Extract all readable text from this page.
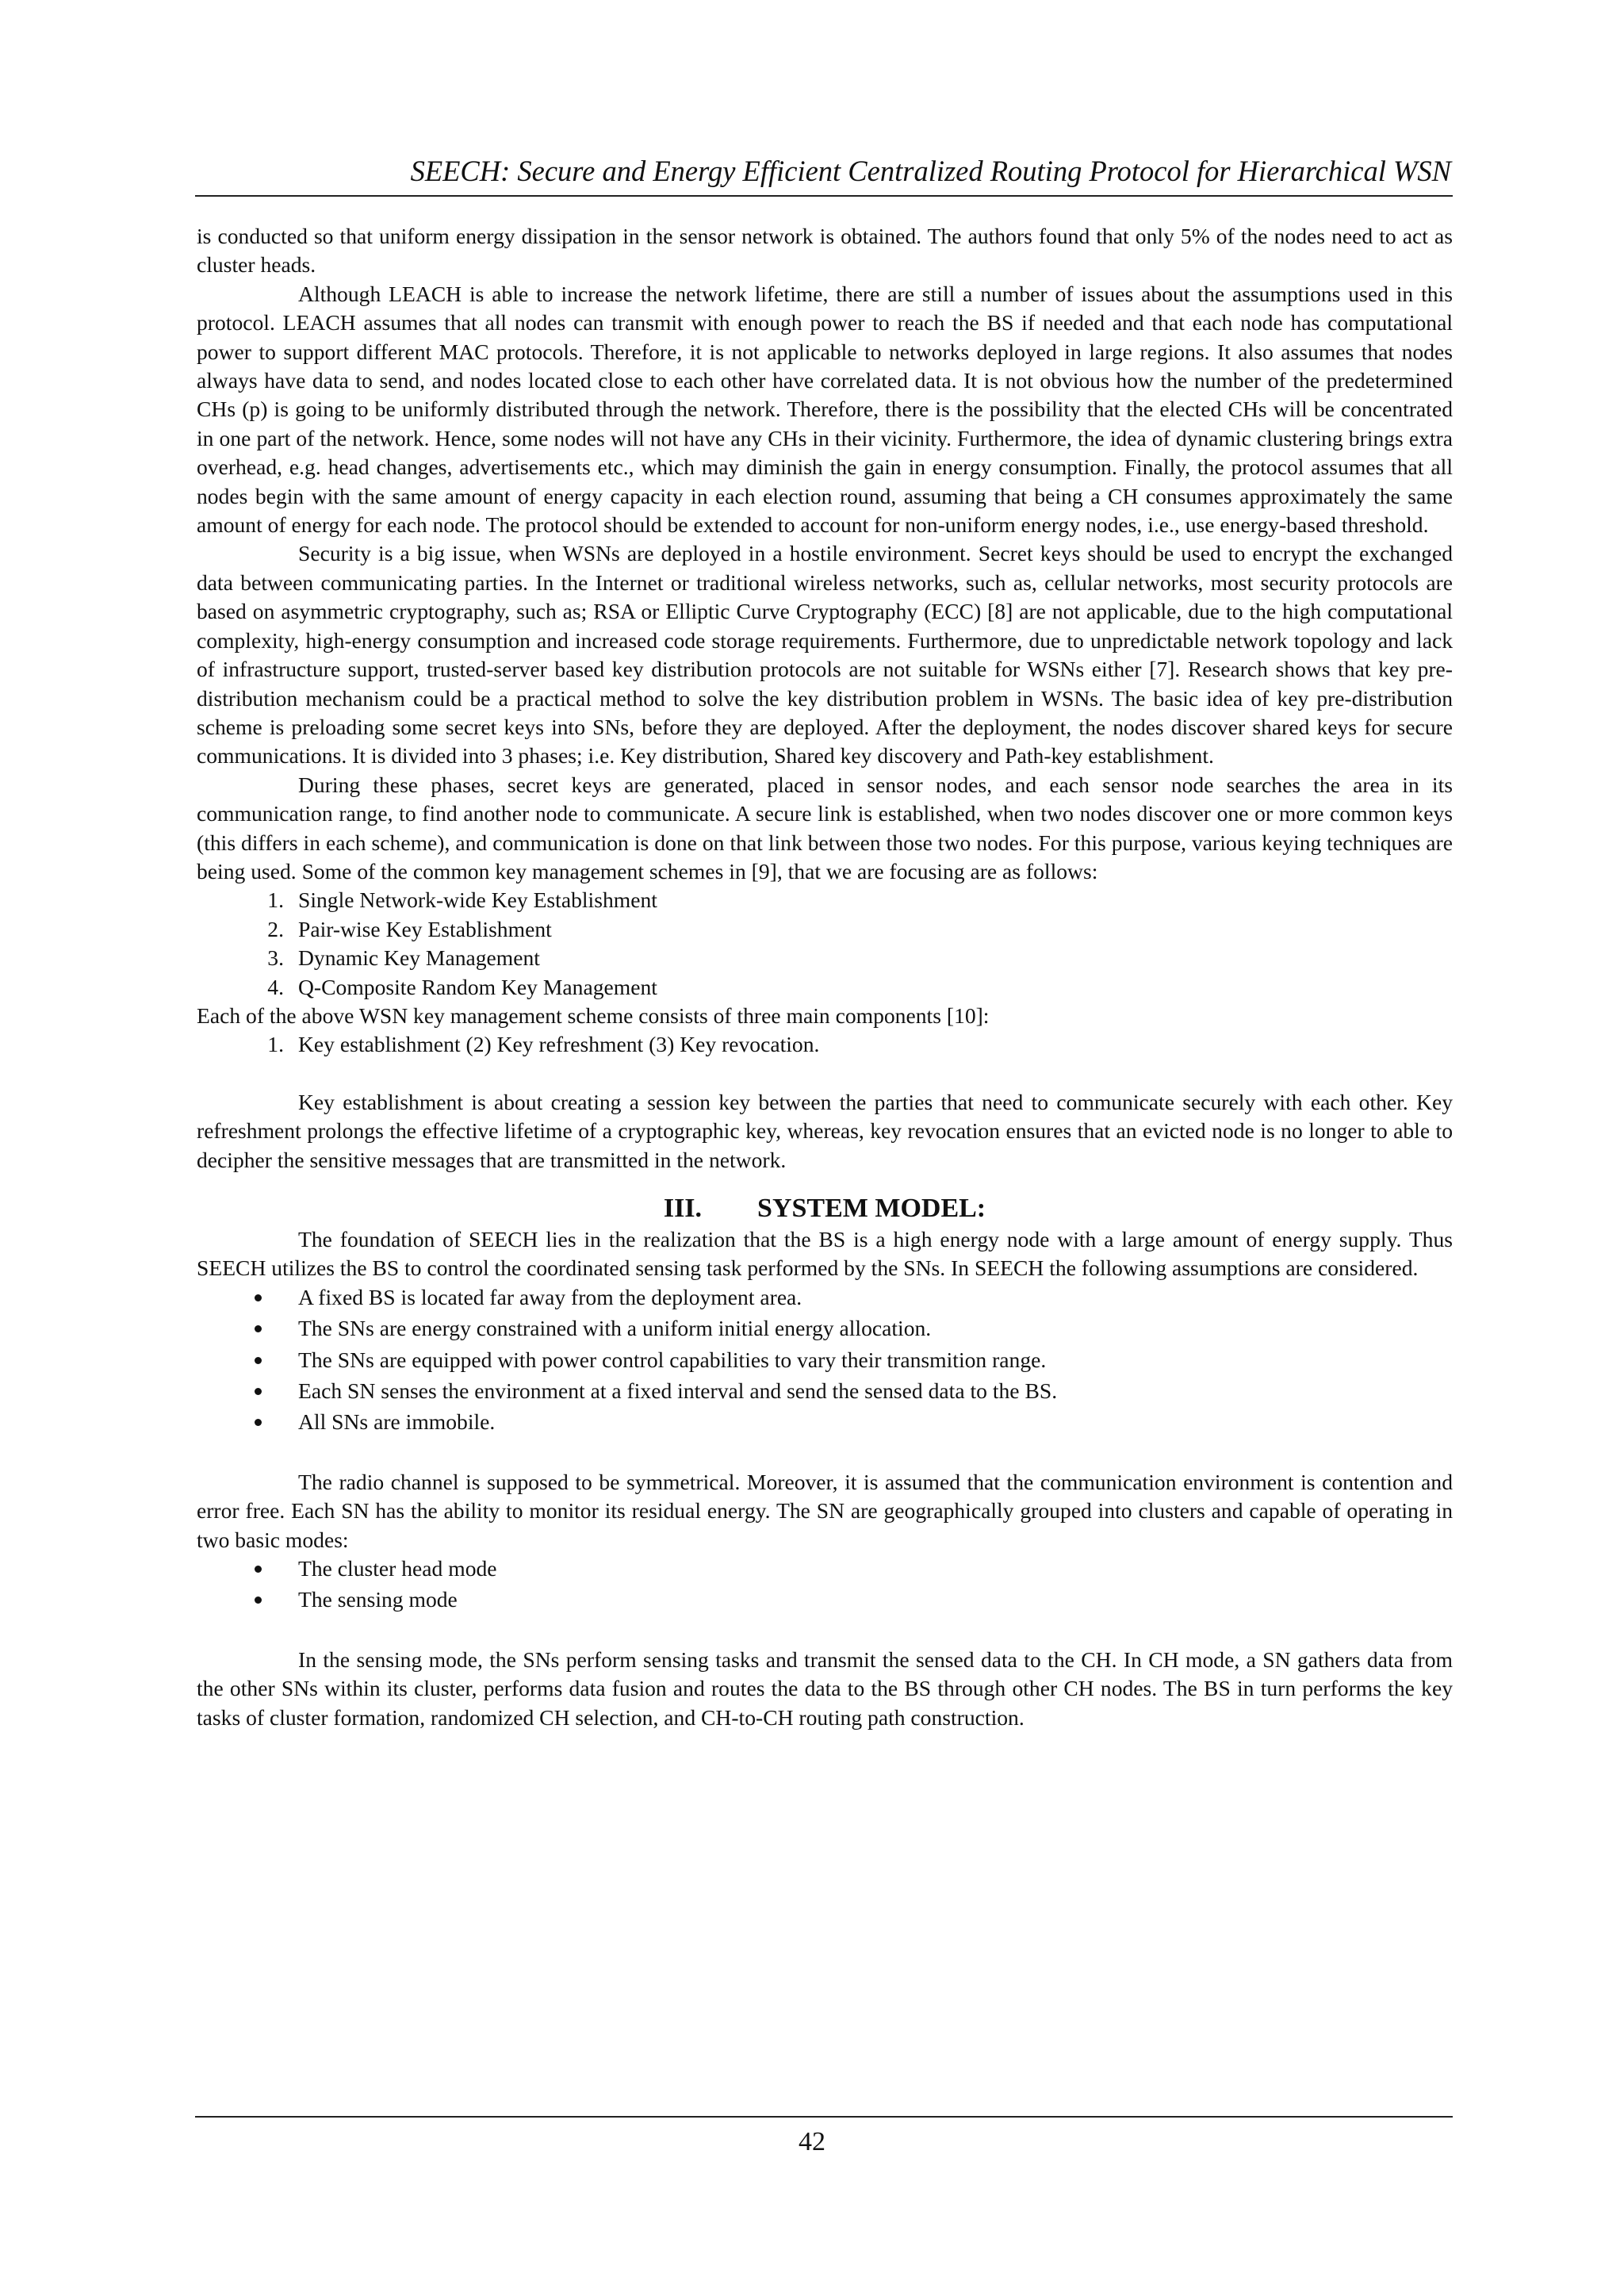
SEECH: Secure and Energy Efficient Centralized Routing Protocol for Hierarchical WSN

is conducted so that uniform energy dissipation in the sensor network is obtained. The authors found that only 5% of the nodes need to act as cluster heads.

Although LEACH is able to increase the network lifetime, there are still a number of issues about the assumptions used in this protocol. LEACH assumes that all nodes can transmit with enough power to reach the BS if needed and that each node has computational power to support different MAC protocols. Therefore, it is not applicable to networks deployed in large regions. It also assumes that nodes always have data to send, and nodes located close to each other have correlated data. It is not obvious how the number of the predetermined CHs (p) is going to be uniformly distributed through the network. Therefore, there is the possibility that the elected CHs will be concentrated in one part of the network. Hence, some nodes will not have any CHs in their vicinity. Furthermore, the idea of dynamic clustering brings extra overhead, e.g. head changes, advertisements etc., which may diminish the gain in energy consumption. Finally, the protocol assumes that all nodes begin with the same amount of energy capacity in each election round, assuming that being a CH consumes approximately the same amount of energy for each node. The protocol should be extended to account for non-uniform energy nodes, i.e., use energy-based threshold.

Security is a big issue, when WSNs are deployed in a hostile environment. Secret keys should be used to encrypt the exchanged data between communicating parties. In the Internet or traditional wireless networks, such as, cellular networks, most security protocols are based on asymmetric cryptography, such as; RSA or Elliptic Curve Cryptography (ECC) [8] are not applicable, due to the high computational complexity, high-energy consumption and increased code storage requirements. Furthermore, due to unpredictable network topology and lack of infrastructure support, trusted-server based key distribution protocols are not suitable for WSNs either [7]. Research shows that key pre-distribution mechanism could be a practical method to solve the key distribution problem in WSNs. The basic idea of key pre-distribution scheme is preloading some secret keys into SNs, before they are deployed. After the deployment, the nodes discover shared keys for secure communications. It is divided into 3 phases; i.e. Key distribution, Shared key discovery and Path-key establishment.

During these phases, secret keys are generated, placed in sensor nodes, and each sensor node searches the area in its communication range, to find another node to communicate. A secure link is established, when two nodes discover one or more common keys (this differs in each scheme), and communication is done on that link between those two nodes. For this purpose, various keying techniques are being used. Some of the common key management schemes in [9], that we are focusing are as follows:

1. Single Network-wide Key Establishment
2. Pair-wise Key Establishment
3. Dynamic Key Management
4. Q-Composite Random Key Management

Each of the above WSN key management scheme consists of three main components [10]:

1. Key establishment (2) Key refreshment (3) Key revocation.

Key establishment is about creating a session key between the parties that need to communicate securely with each other. Key refreshment prolongs the effective lifetime of a cryptographic key, whereas, key revocation ensures that an evicted node is no longer to able to decipher the sensitive messages that are transmitted in the network.

III. SYSTEM MODEL:

The foundation of SEECH lies in the realization that the BS is a high energy node with a large amount of energy supply. Thus SEECH utilizes the BS to control the coordinated sensing task performed by the SNs. In SEECH the following assumptions are considered.

A fixed BS is located far away from the deployment area.
The SNs are energy constrained with a uniform initial energy allocation.
The SNs are equipped with power control capabilities to vary their transmition range.
Each SN senses the environment at a fixed interval and send the sensed data to the BS.
All SNs are immobile.

The radio channel is supposed to be symmetrical. Moreover, it is assumed that the communication environment is contention and error free. Each SN has the ability to monitor its residual energy. The SN are geographically grouped into clusters and capable of operating in two basic modes:

The cluster head mode
The sensing mode

In the sensing mode, the SNs perform sensing tasks and transmit the sensed data to the CH. In CH mode, a SN gathers data from the other SNs within its cluster, performs data fusion and routes the data to the BS through other CH nodes. The BS in turn performs the key tasks of cluster formation, randomized CH selection, and CH-to-CH routing path construction.

42
